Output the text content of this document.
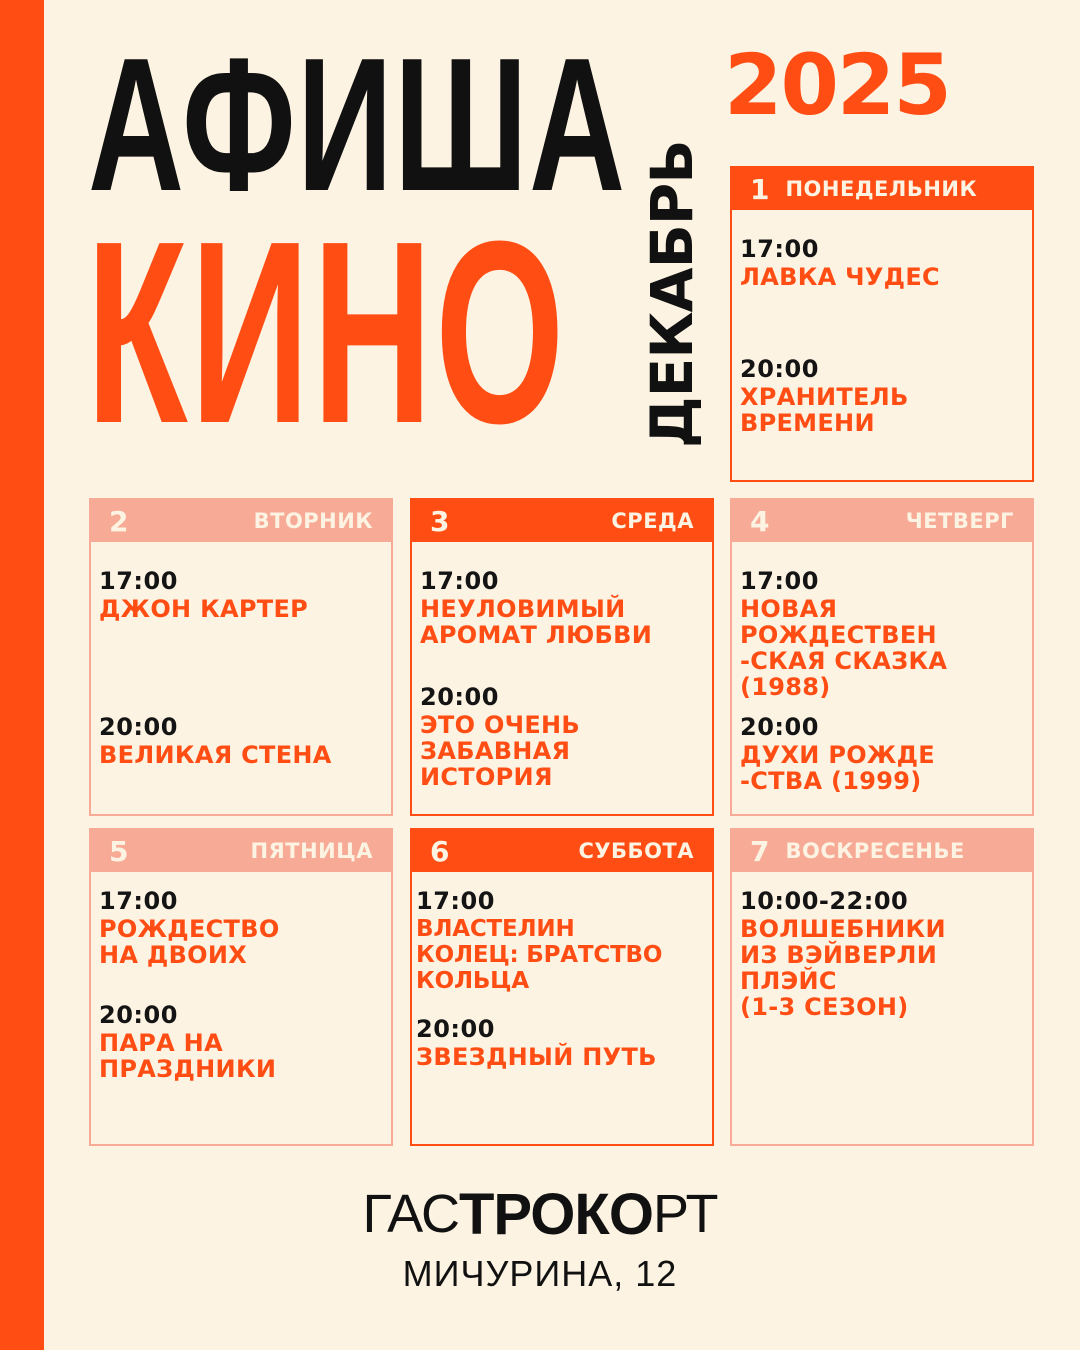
АФИША
КИНО ДЕКАБРЬ
2025
1 ПОНЕДЕЛЬНИК
17:00
ЛАВКА ЧУДЕС
20:00
ХРАНИТЕЛЬ
ВРЕМЕНИ
2	ВТОРНИК
17:00
ДЖОН КАРТЕР
20:00
ВЕЛИКАЯ СТЕНА
3	СРЕДА
17:00
НЕУЛОВИМЫЙ
АРОМАТ ЛЮБВИ
20:00
ЭТО ОЧЕНЬ
ЗАБАВНАЯ
ИСТОРИЯ
4	ЧЕТВЕРГ
17:00
НОВАЯ
РОЖДЕСТВЕН
-СКАЯ СКАЗКА
(1988)
20:00
ДУХИ РОЖДЕ
-СТВА (1999)
5	ПЯТНИЦА
17:00
РОЖДЕСТВО
НА ДВОИХ
20:00
ПАРА НА
ПРАЗДНИКИ
6	СУББОТА
17:00
ВЛАСТЕЛИН
КОЛЕЦ: БРАТСТВО
КОЛЬЦА
20:00
ЗВЕЗДНЫЙ ПУТЬ
7 ВОСКРЕСЕНЬЕ
10:00-22:00
ВОЛШЕБНИКИ
ИЗ ВЭЙВЕРЛИ
ПЛЭЙС
(1-3 СЕЗОН)
ГАС ТРОКО РТ
МИЧУРИНА, 12
